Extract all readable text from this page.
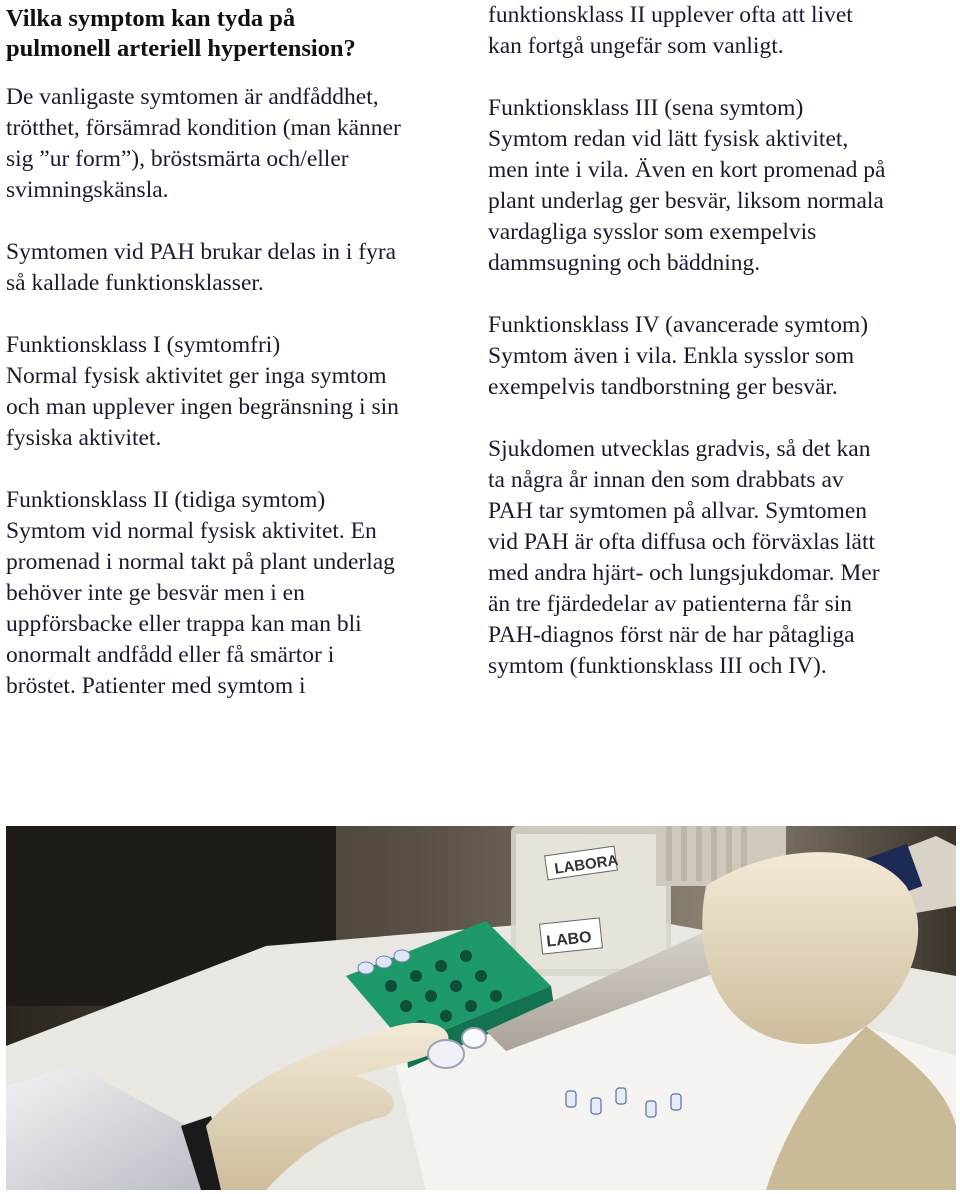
Vilka symptom kan tyda på
pulmonell arteriell hypertension?

De vanligaste symtomen är andfåddhet,
trötthet, försämrad kondition (man känner
sig ”ur form”), bröstsmärta och/eller
svimningskänsla.

Symtomen vid PAH brukar delas in i fyra
så kallade funktionsklasser.

Funktionsklass I (symtomfri)
Normal fysisk aktivitet ger inga symtom
och man upplever ingen begränsning i sin
fysiska aktivitet.

Funktionsklass II (tidiga symtom)
Symtom vid normal fysisk aktivitet. En
promenad i normal takt på plant underlag
behöver inte ge besvär men i en
uppförsbacke eller trappa kan man bli
onormalt andfådd eller få smärtor i
bröstet. Patienter med symtom i

funktionsklass II upplever ofta att livet
kan fortgå ungefär som vanligt.

Funktionsklass III (sena symtom)
Symtom redan vid lätt fysisk aktivitet,
men inte i vila. Även en kort promenad på
plant underlag ger besvär, liksom normala
vardagliga sysslor som exempelvis
dammsugning och bäddning.

Funktionsklass IV (avancerade symtom)
Symtom även i vila. Enkla sysslor som
exempelvis tandborstning ger besvär.

Sjukdomen utvecklas gradvis, så det kan
ta några år innan den som drabbats av
PAH tar symtomen på allvar. Symtomen
vid PAH är ofta diffusa och förväxlas lätt
med andra hjärt- och lungsjukdomar. Mer
än tre fjärdedelar av patienterna får sin
PAH-diagnos först när de har påtagliga
symtom (funktionsklass III och IV).

LABORA
LABO
